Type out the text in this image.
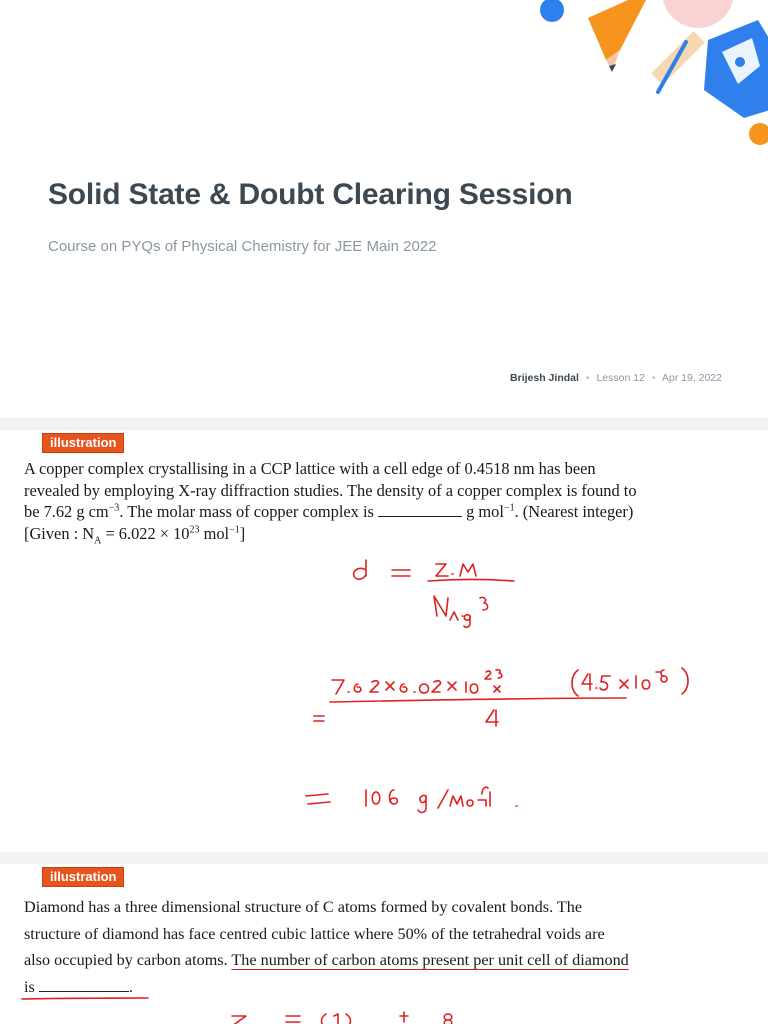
Solid State & Doubt Clearing Session
Course on PYQs of Physical Chemistry for JEE Main 2022
Brijesh Jindal • Lesson 12 • Apr 19, 2022
illustration
A copper complex crystallising in a CCP lattice with a cell edge of 0.4518 nm has been
revealed by employing X-ray diffraction studies. The density of a copper complex is found to
be 7.62 g $cm^{-3}$. The molar mass of copper complex is	g mol$^{-1}$. (Nearest integer)
[Given : $N_A = 6.022 \times 10^{23}$ mol$^{-1}$]
illustration
Diamond has a three dimensional structure of C atoms formed by covalent bonds. The
structure of diamond has face centred cubic lattice where 50% of the tetrahedral voids are
also occupied by carbon atoms. The number of carbon atoms present per unit cell of diamond
is	.
